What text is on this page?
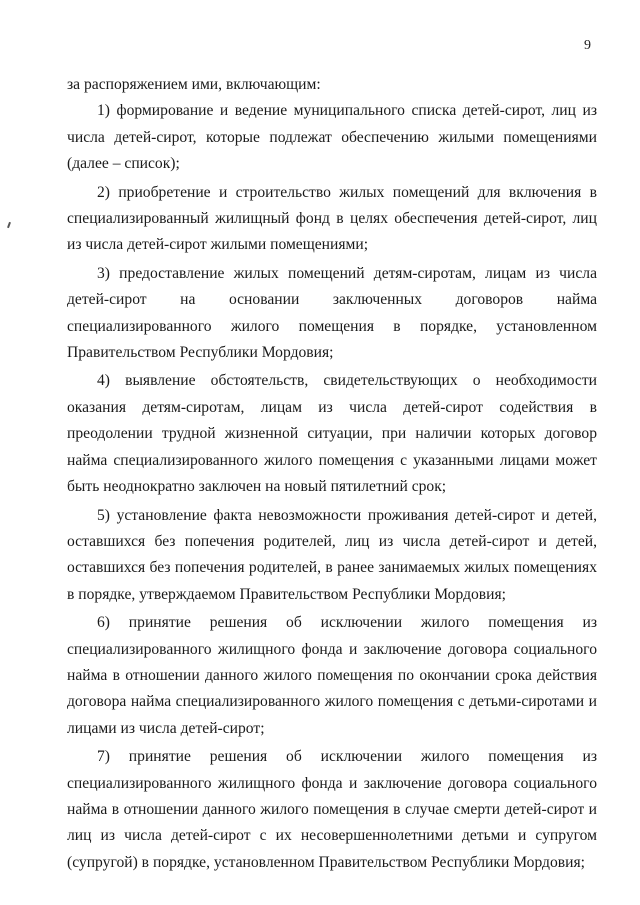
9

за распоряжением ими, включающим:

1) формирование и ведение муниципального списка детей-сирот, лиц из числа детей-сирот, которые подлежат обеспечению жилыми помещениями (далее – список);

2) приобретение и строительство жилых помещений для включения в специализированный жилищный фонд в целях обеспечения детей-сирот, лиц из числа детей-сирот жилыми помещениями;

3) предоставление жилых помещений детям-сиротам, лицам из числа детей-сирот на основании заключенных договоров найма специализированного жилого помещения в порядке, установленном Правительством Республики Мордовия;

4) выявление обстоятельств, свидетельствующих о необходимости оказания детям-сиротам, лицам из числа детей-сирот содействия в преодолении трудной жизненной ситуации, при наличии которых договор найма специализированного жилого помещения с указанными лицами может быть неоднократно заключен на новый пятилетний срок;

5) установление факта невозможности проживания детей-сирот и детей, оставшихся без попечения родителей, лиц из числа детей-сирот и детей, оставшихся без попечения родителей, в ранее занимаемых жилых помещениях в порядке, утверждаемом Правительством Республики Мордовия;

6) принятие решения об исключении жилого помещения из специализированного жилищного фонда и заключение договора социального найма в отношении данного жилого помещения по окончании срока действия договора найма специализированного жилого помещения с детьми-сиротами и лицами из числа детей-сирот;

7) принятие решения об исключении жилого помещения из специализированного жилищного фонда и заключение договора социального найма в отношении данного жилого помещения в случае смерти детей-сирот и лиц из числа детей-сирот с их несовершеннолетними детьми и супругом (супругой) в порядке, установленном Правительством Республики Мордовия;
